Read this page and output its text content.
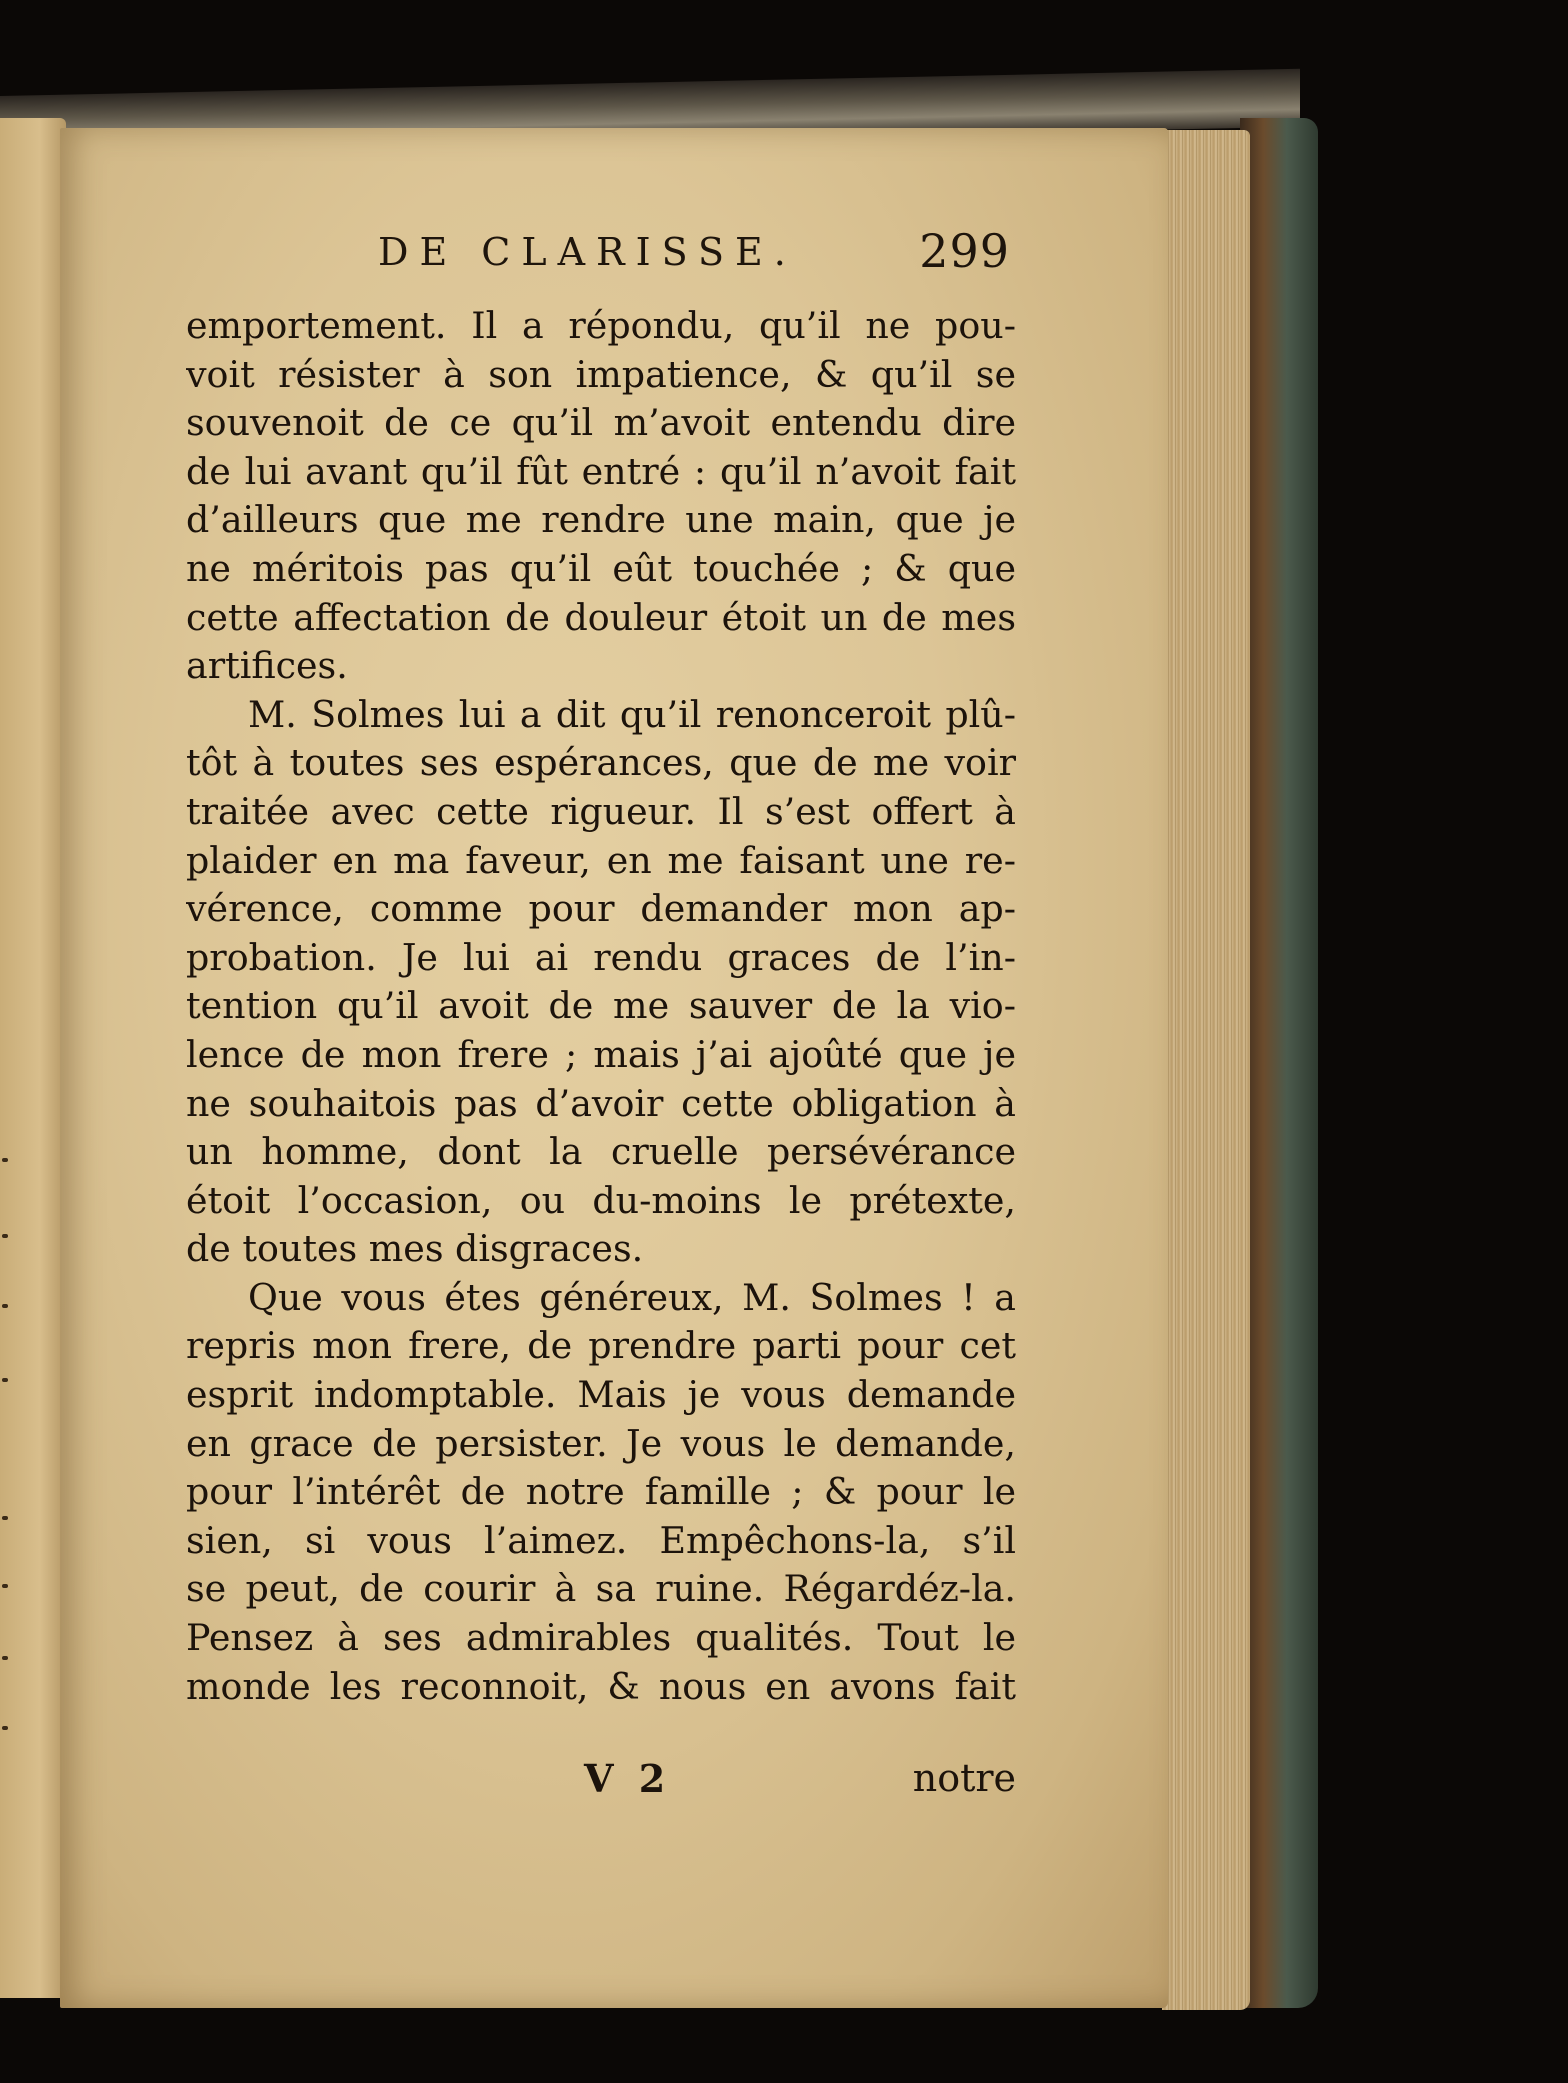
DE CLARISSE.	299
emportement. Il a répondu, qu’il ne pou-
voit résister à son impatience, & qu’il se
souvenoit de ce qu’il m’avoit entendu dire
de lui avant qu’il fût entré : qu’il n’avoit fait
d’ailleurs que me rendre une main, que je
ne méritois pas qu’il eût touchée ; & que
cette affectation de douleur étoit un de mes
artifices.
M. Solmes lui a dit qu’il renonceroit plû-
tôt à toutes ses espérances, que de me voir
traitée avec cette rigueur. Il s’est offert à
plaider en ma faveur, en me faisant une re-
vérence, comme pour demander mon ap-
probation. Je lui ai rendu graces de l’in-
tention qu’il avoit de me sauver de la vio-
lence de mon frere ; mais j’ai ajoûté que je
ne souhaitois pas d’avoir cette obligation à
un homme, dont la cruelle persévérance
étoit l’occasion, ou du-moins le prétexte,
de toutes mes disgraces.
Que vous étes généreux, M. Solmes ! a
repris mon frere, de prendre parti pour cet
esprit indomptable. Mais je vous demande
en grace de persister. Je vous le demande,
pour l’intérêt de notre famille ; & pour le
sien, si vous l’aimez. Empêchons-la, s’il
se peut, de courir à sa ruine. Régardéz-la.
Pensez à ses admirables qualités. Tout le
monde les reconnoit, & nous en avons fait
V 2	notre
